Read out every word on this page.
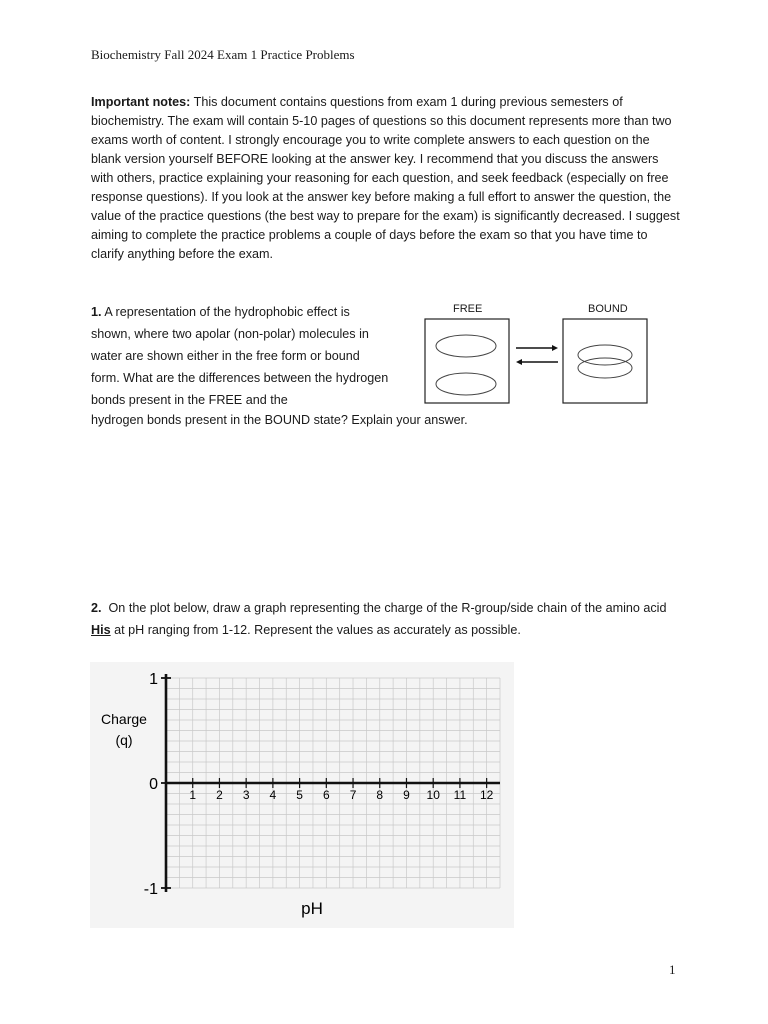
Biochemistry Fall 2024 Exam 1 Practice Problems
Important notes: This document contains questions from exam 1 during previous semesters of biochemistry. The exam will contain 5-10 pages of questions so this document represents more than two exams worth of content. I strongly encourage you to write complete answers to each question on the blank version yourself BEFORE looking at the answer key. I recommend that you discuss the answers with others, practice explaining your reasoning for each question, and seek feedback (especially on free response questions). If you look at the answer key before making a full effort to answer the question, the value of the practice questions (the best way to prepare for the exam) is significantly decreased. I suggest aiming to complete the practice problems a couple of days before the exam so that you have time to clarify anything before the exam.
1. A representation of the hydrophobic effect is shown, where two apolar (non-polar) molecules in water are shown either in the free form or bound form. What are the differences between the hydrogen bonds present in the FREE and the
hydrogen bonds present in the BOUND state? Explain your answer.
FREE	BOUND
2. On the plot below, draw a graph representing the charge of the R-group/side chain of the amino acid His at pH ranging from 1-12. Represent the values as accurately as possible.
1
0
-1
1 2 3 4 5 6 7 8 9 10 11 12
Charge
(q)
pH
1
